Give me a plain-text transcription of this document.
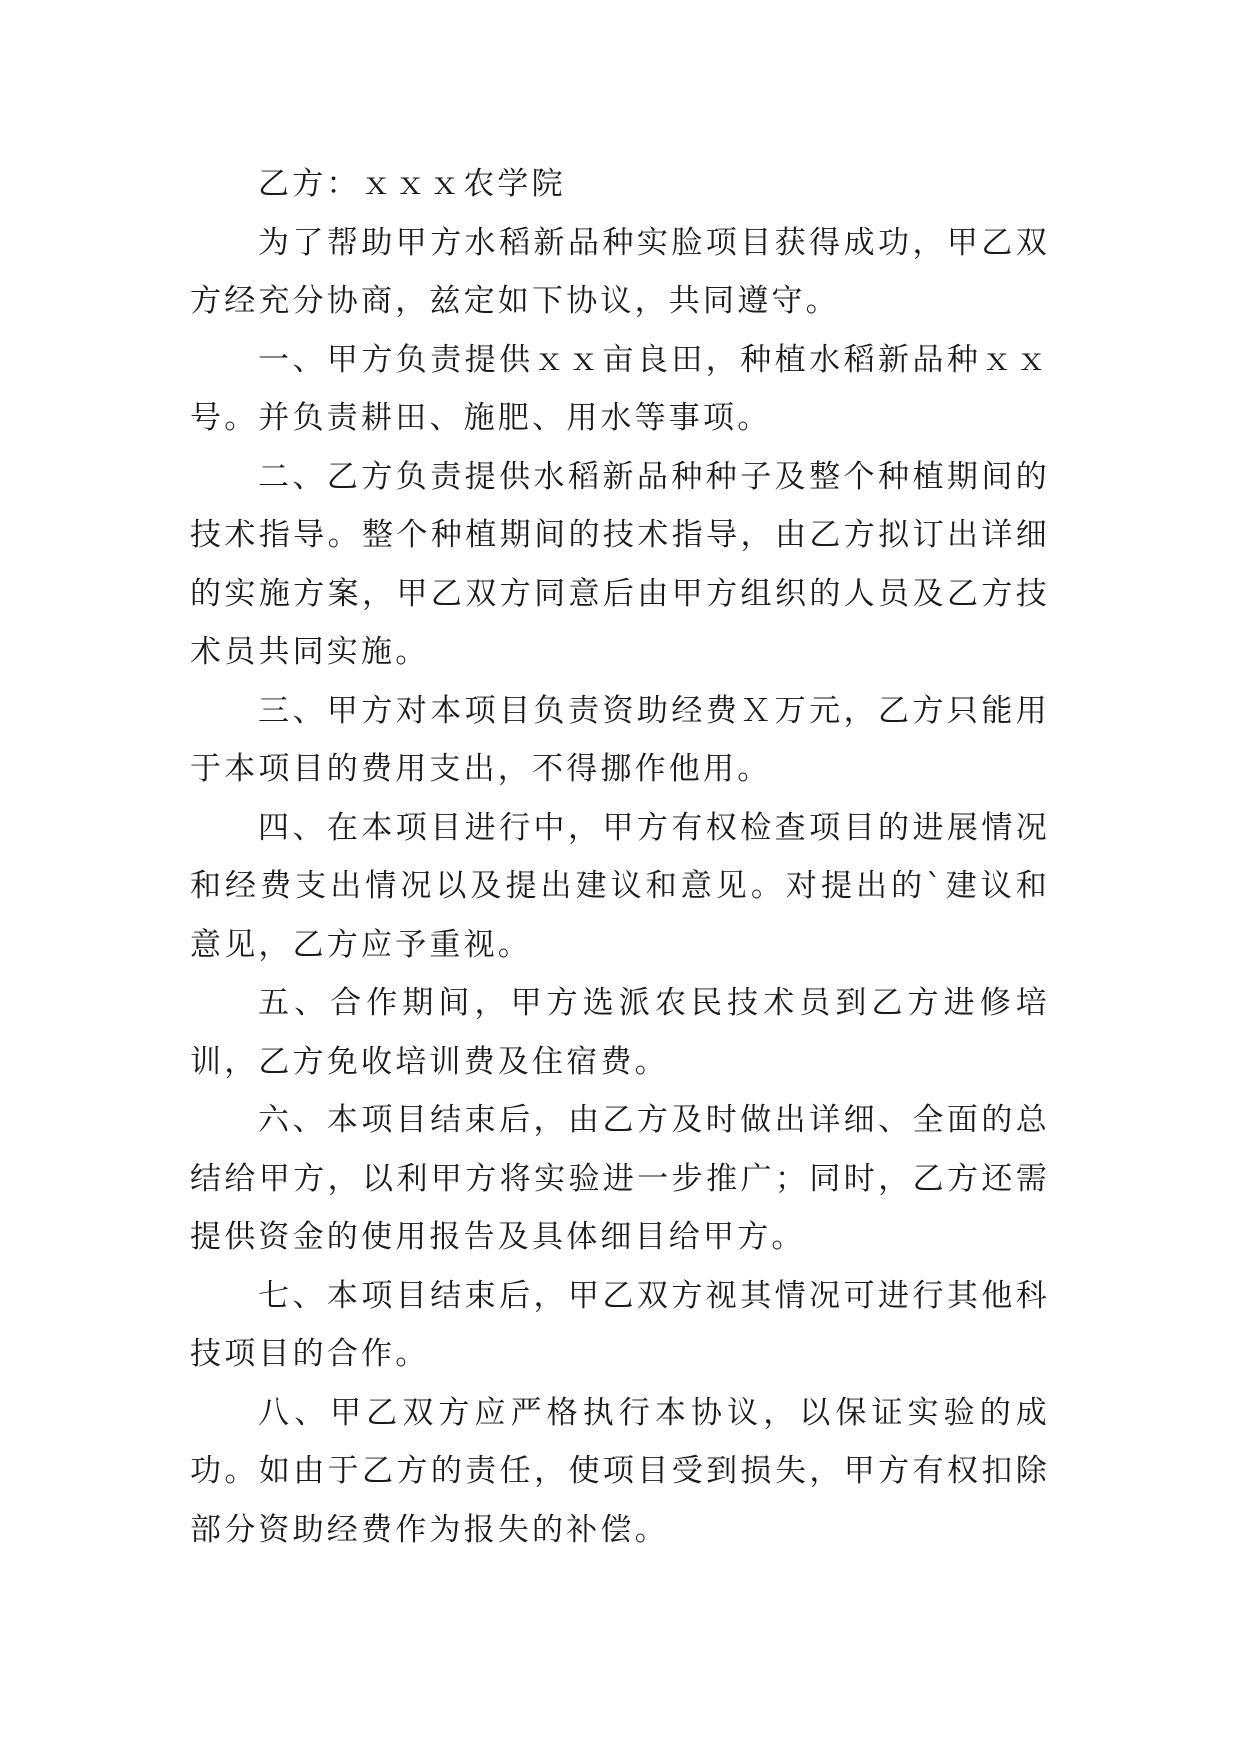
乙方：ｘｘｘ农学院

为了帮助甲方水稻新品种实脸项目获得成功，甲乙双方经充分协商，兹定如下协议，共同遵守。

一、甲方负责提供ｘｘ亩良田，种植水稻新品种ｘｘ号。并负责耕田、施肥、用水等事项。

二、乙方负责提供水稻新品种种子及整个种植期间的技术指导。整个种植期间的技术指导，由乙方拟订出详细的实施方案，甲乙双方同意后由甲方组织的人员及乙方技术员共同实施。

三、甲方对本项目负责资助经费Ｘ万元，乙方只能用于本项目的费用支出，不得挪作他用。

四、在本项目进行中，甲方有权检查项目的进展情况和经费支出情况以及提出建议和意见。对提出的`建议和意见，乙方应予重视。

五、合作期间，甲方选派农民技术员到乙方进修培训，乙方免收培训费及住宿费。

六、本项目结束后，由乙方及时做出详细、全面的总结给甲方，以利甲方将实验进一步推广；同时，乙方还需提供资金的使用报告及具体细目给甲方。

七、本项目结束后，甲乙双方视其情况可进行其他科技项目的合作。

八、甲乙双方应严格执行本协议，以保证实验的成功。如由于乙方的责任，使项目受到损失，甲方有权扣除部分资助经费作为报失的补偿。
